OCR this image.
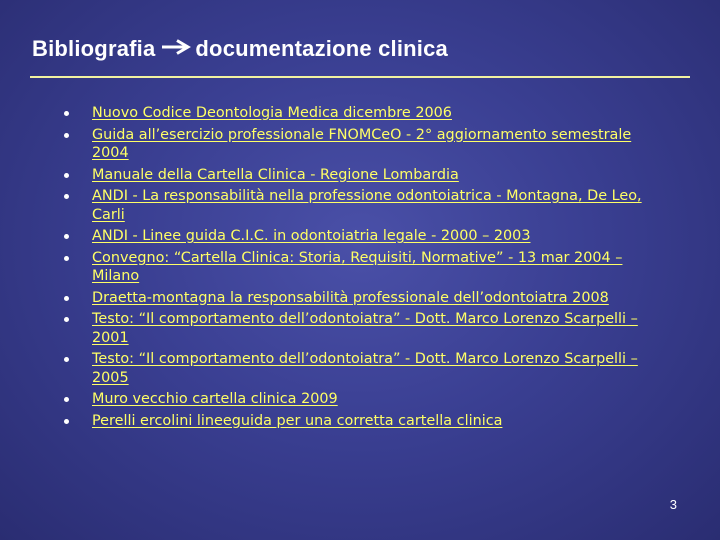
Bibliografia documentazione clinica
Nuovo Codice Deontologia Medica dicembre 2006
Guida all’esercizio professionale FNOMCeO - 2° aggiornamento semestrale 2004
Manuale della Cartella Clinica - Regione Lombardia
ANDI - La responsabilità nella professione odontoiatrica - Montagna, De Leo, Carli
ANDI - Linee guida C.I.C. in odontoiatria legale - 2000 – 2003
Convegno: “Cartella Clinica: Storia, Requisiti, Normative” - 13 mar 2004 – Milano
Draetta-montagna la responsabilità professionale dell’odontoiatra 2008
Testo: “Il comportamento dell’odontoiatra” - Dott. Marco Lorenzo Scarpelli – 2001
Testo: “Il comportamento dell’odontoiatra” - Dott. Marco Lorenzo Scarpelli – 2005
Muro vecchio cartella clinica 2009
Perelli ercolini lineeguida per una corretta cartella clinica
3
